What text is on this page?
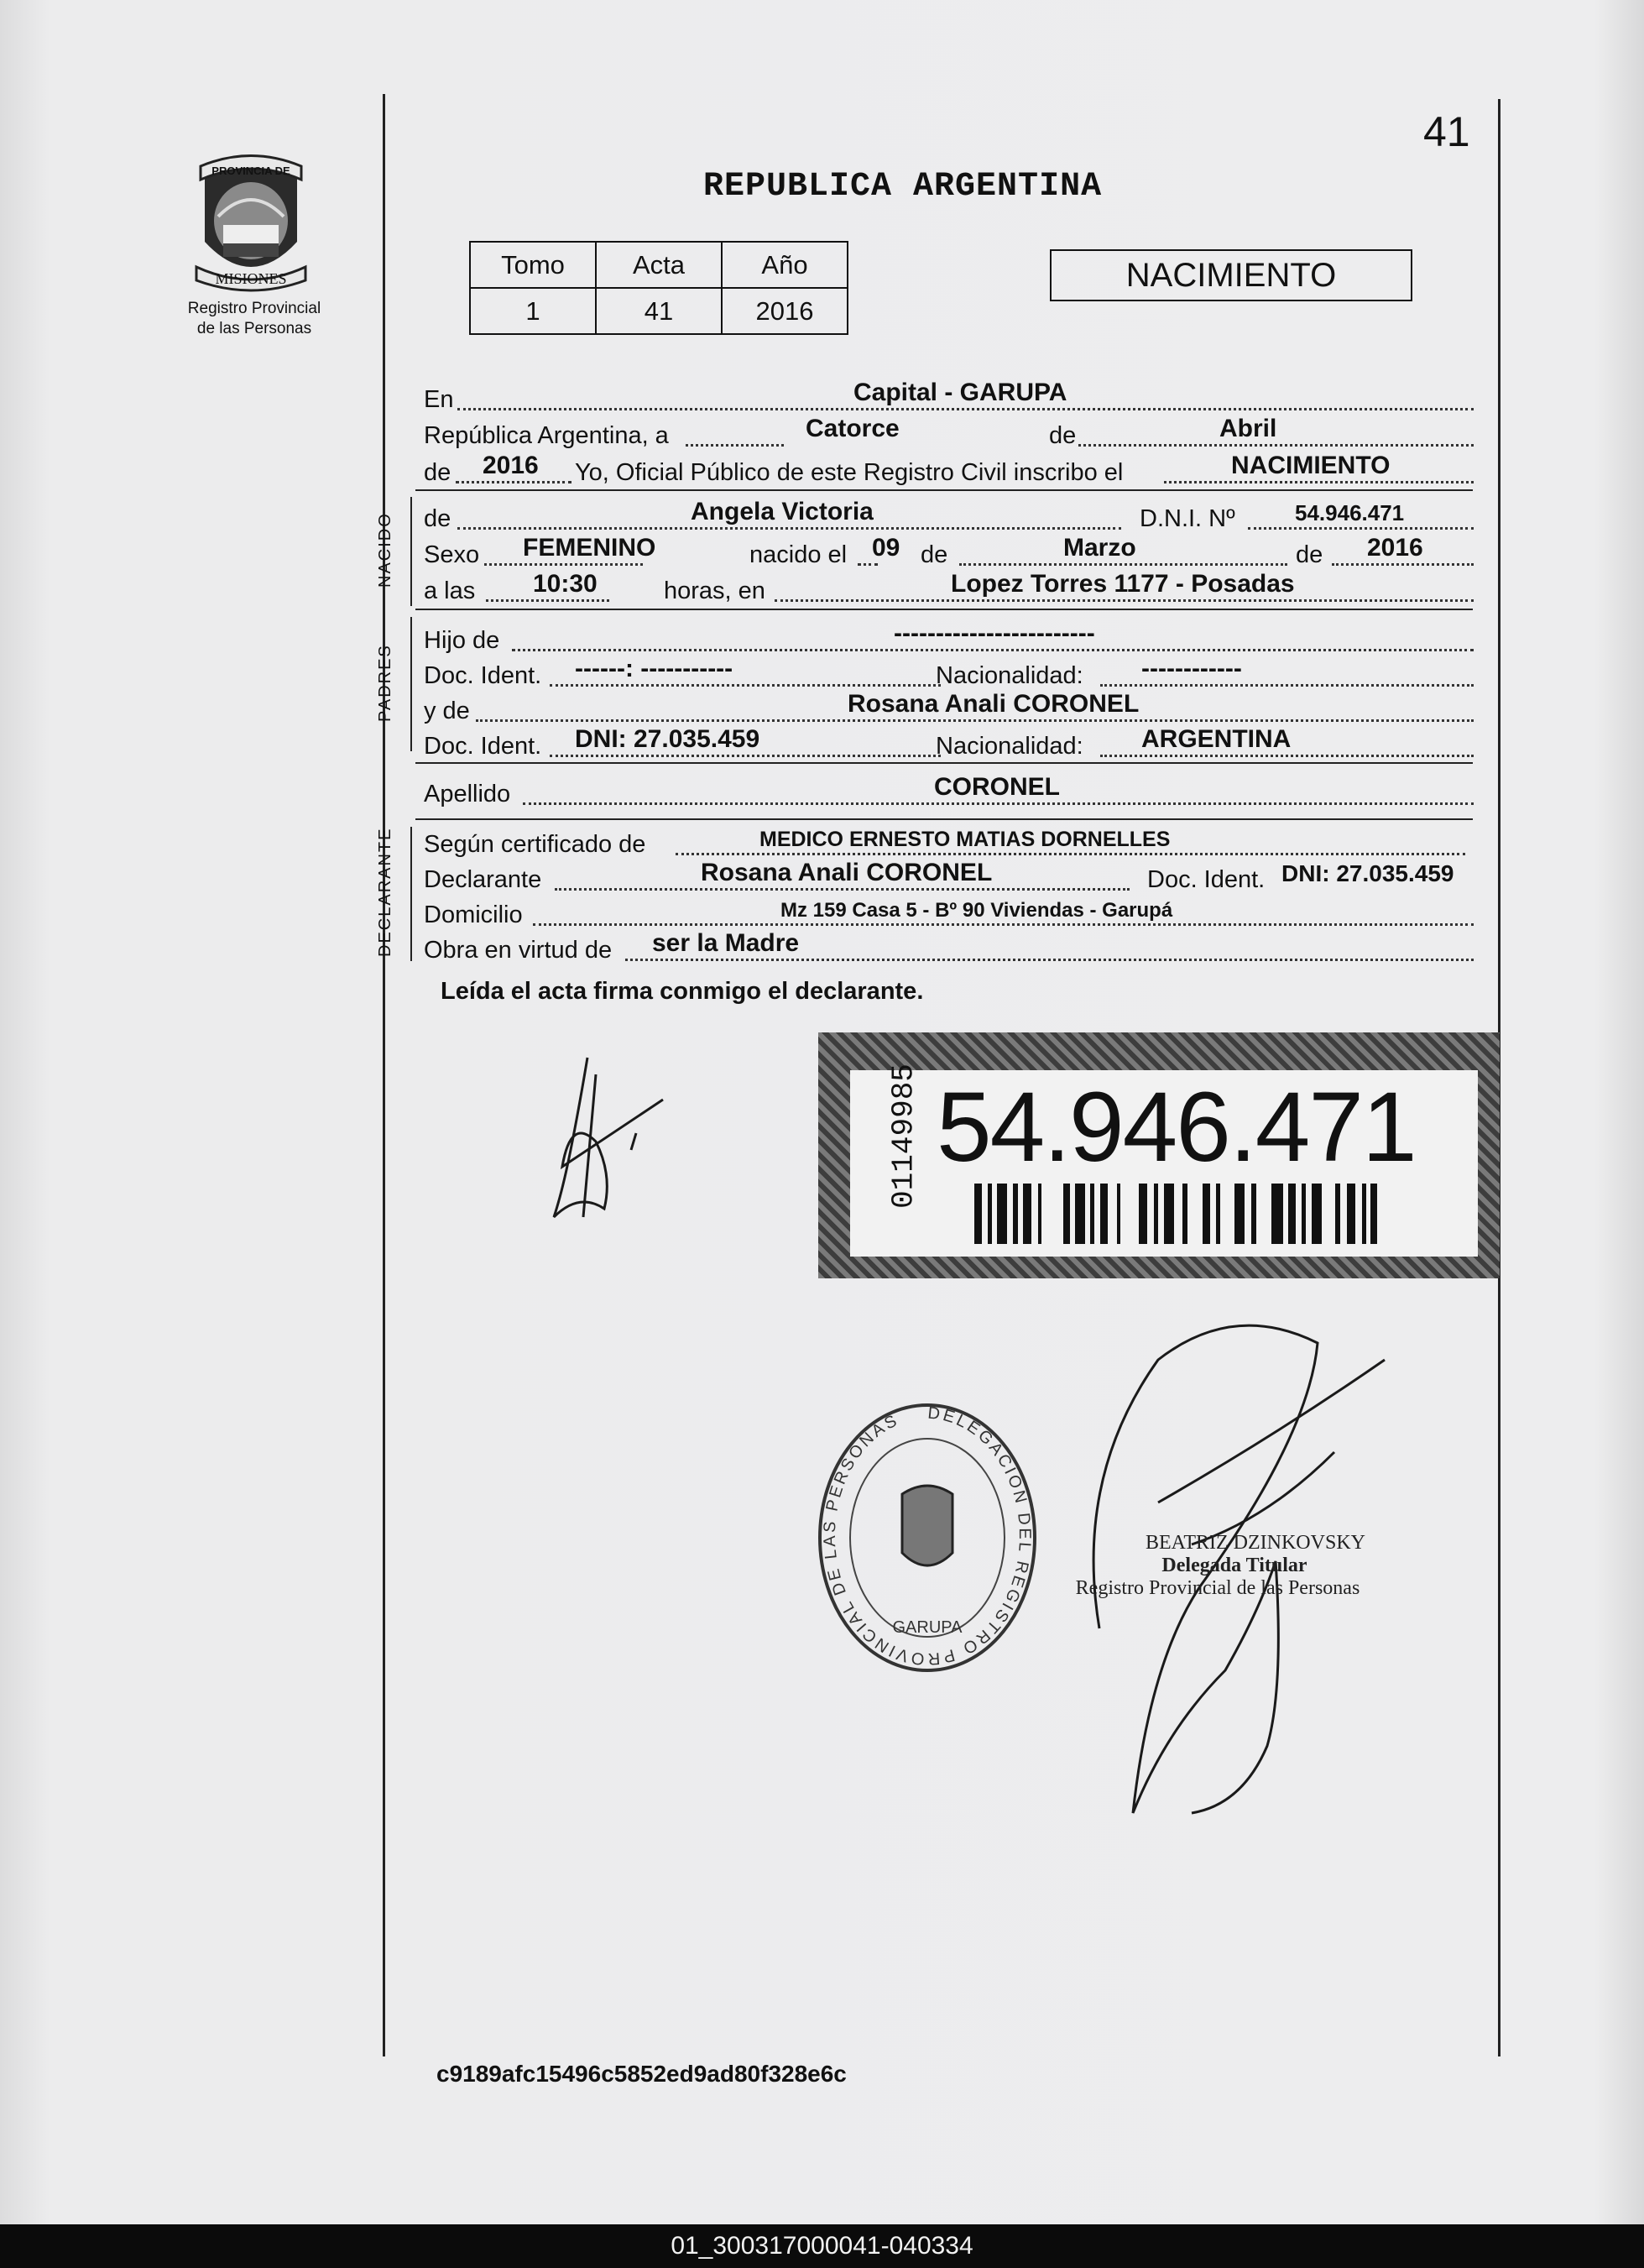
41
PROVINCIA DE
MISIONES
Registro Provincial
de las Personas
REPUBLICA ARGENTINA
Tomo	Acta	Año
1	41	2016
NACIMIENTO
En	Capital - GARUPA
República Argentina, a	Catorce	de	Abril
de 2016 Yo, Oficial Público de este Registro Civil inscribo el	NACIMIENTO
NACIDO de	Angela Victoria	D.N.I. Nº	54.946.471
Sexo FEMENINO	nacido el 09 de	Marzo	de 2016
a las 10:30	horas, en	Lopez Torres 1177 - Posadas
PADRES
Hijo de	------------------------
Doc. Ident. ------: -----------	Nacionalidad: ------------
y de	Rosana Anali CORONEL
Doc. Ident. DNI: 27.035.459	Nacionalidad: ARGENTINA
Apellido	CORONEL
DECLARANTE Según certificado de	MEDICO ERNESTO MATIAS DORNELLES
Declarante	Rosana Anali CORONEL	Doc. Ident. DNI: 27.035.459
Domicilio	Mz 159 Casa 5 - Bº 90 Viviendas - Garupá
Obra en virtud de ser la Madre
Leída el acta firma conmigo el declarante.
54.946.471
01149985
DELEGACION DEL REGISTRO PROVINCIAL DE LAS PERSONAS
GARUPA
BEATRIZ DZINKOVSKY
Delegada Titular
Registro Provincial de las Personas
c9189afc15496c5852ed9ad80f328e6c
01_300317000041-040334
